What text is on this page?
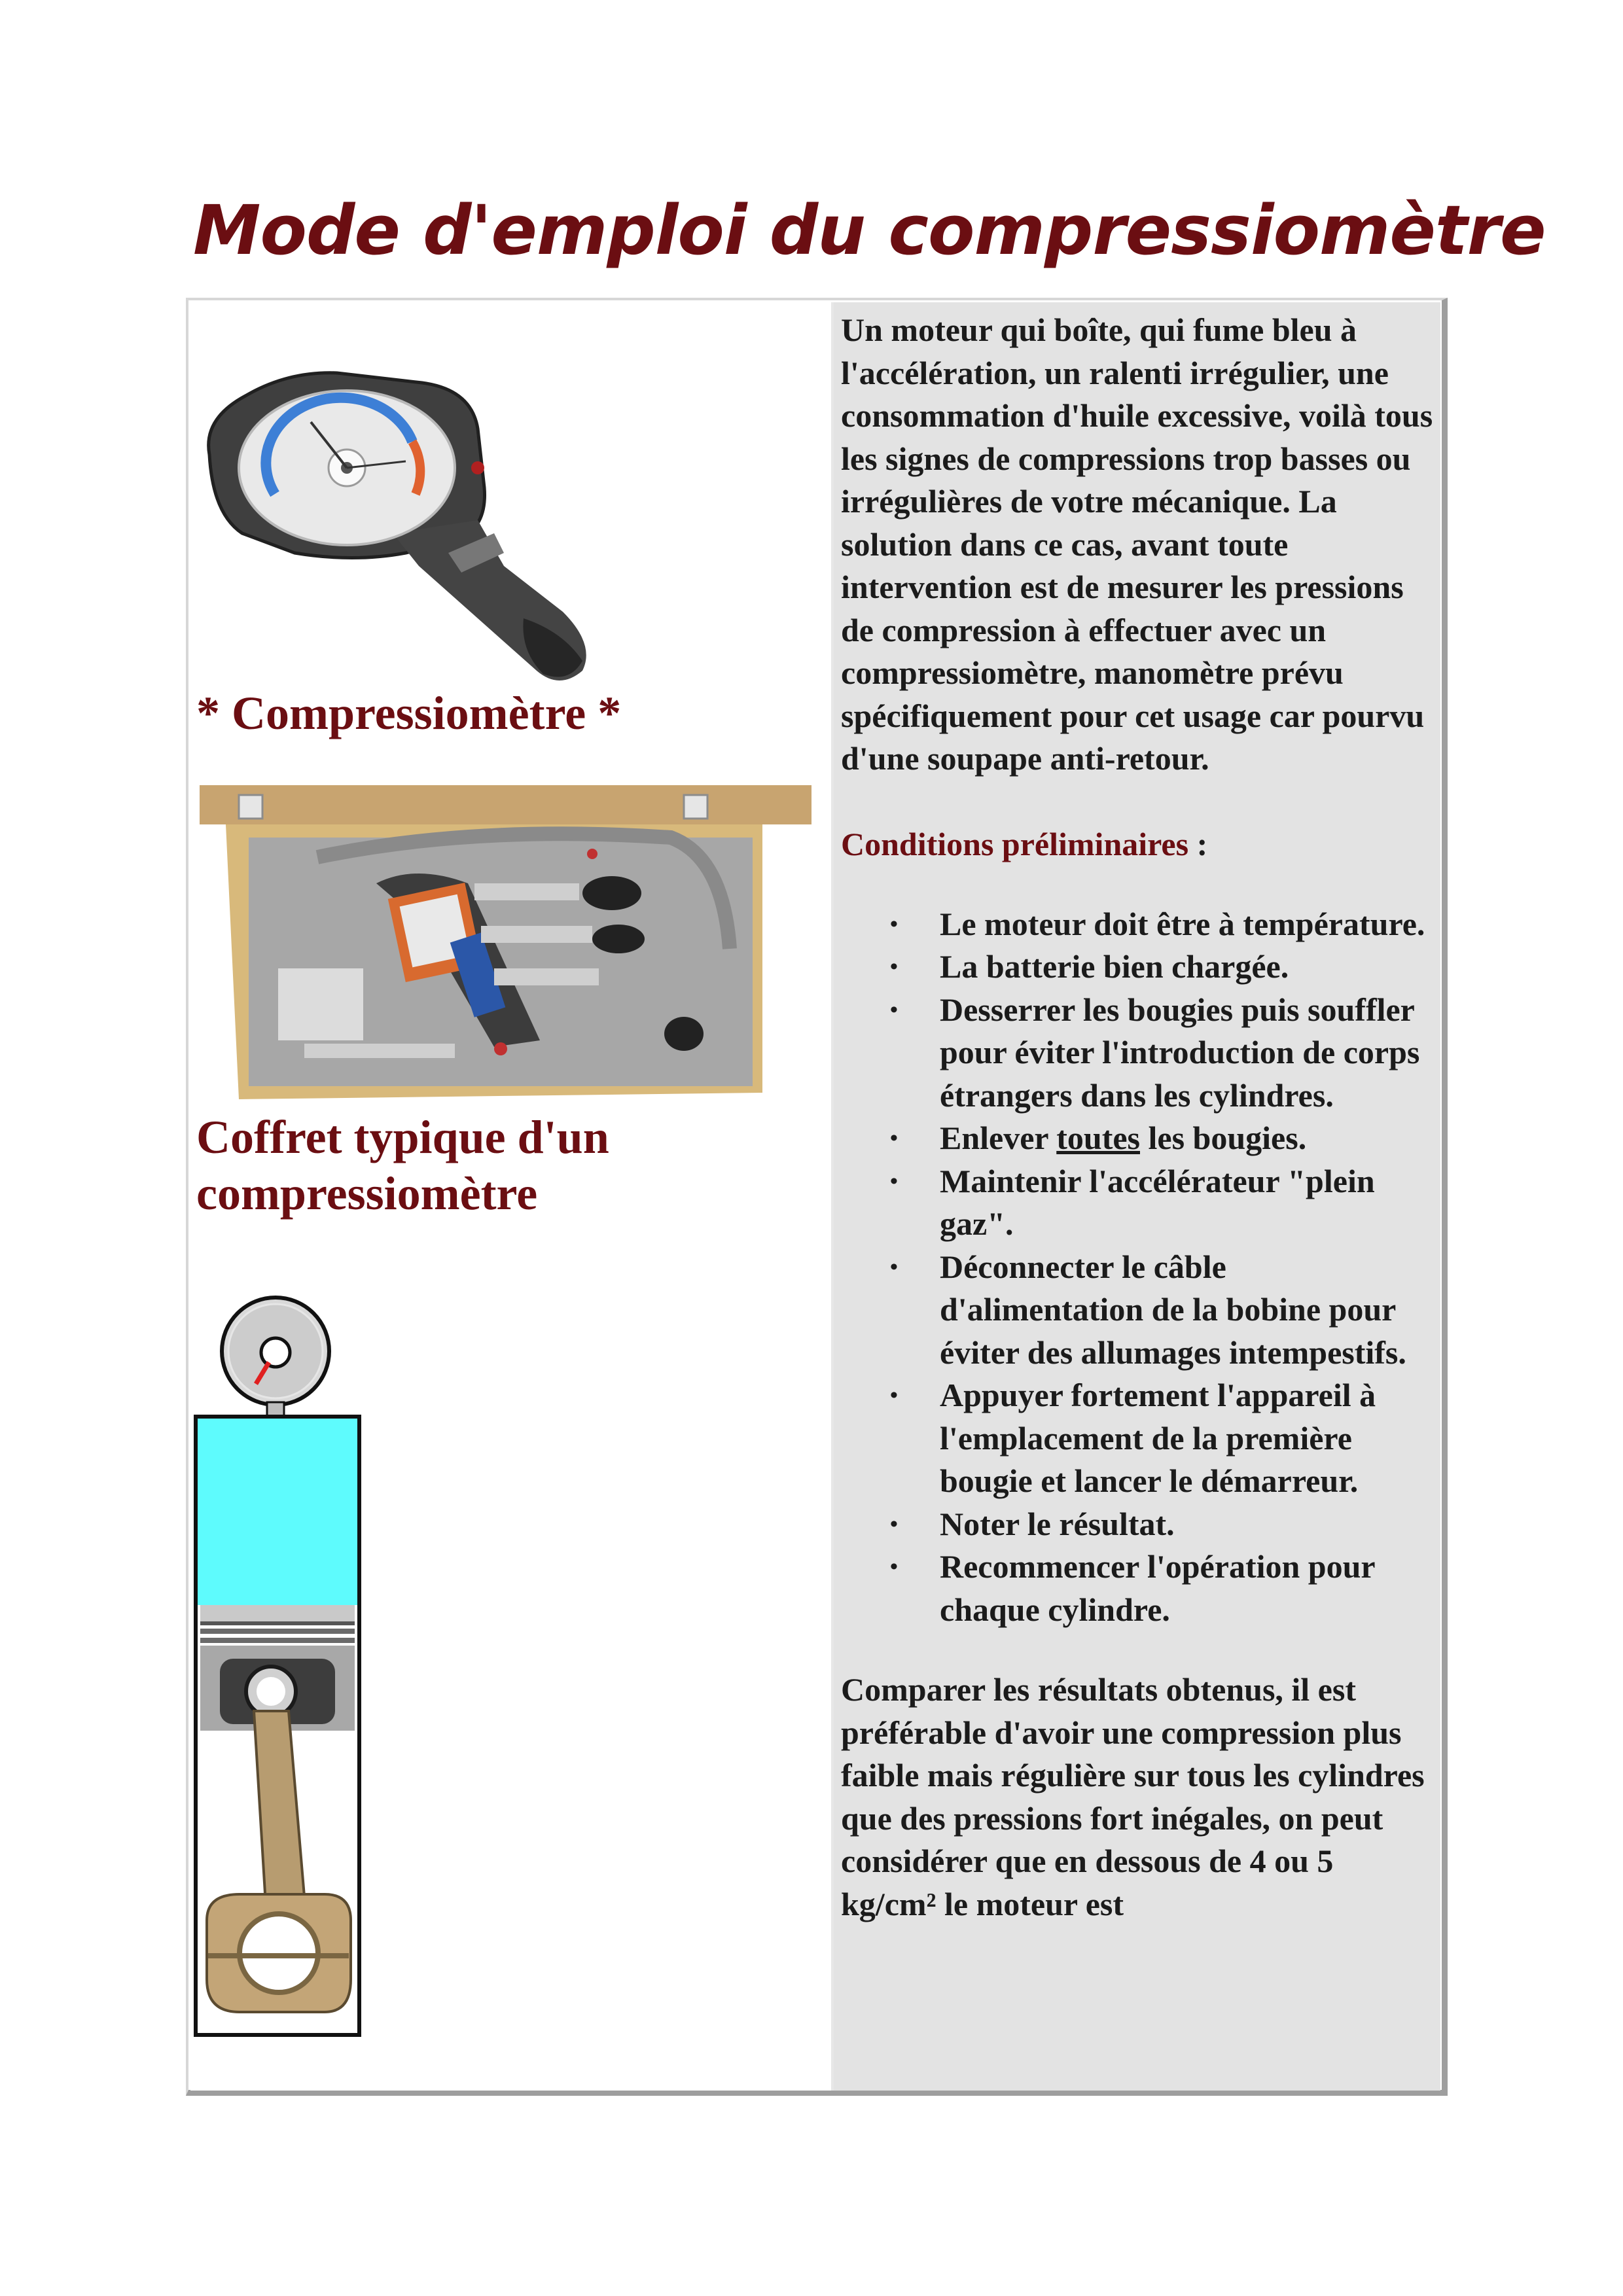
Mode d'emploi du compressiomètre

* Compressiomètre *

Coffret typique d'un compressiomètre

Un moteur qui boîte, qui fume bleu à l'accélération, un ralenti irrégulier, une consommation d'huile excessive, voilà tous les signes de compressions trop basses ou irrégulières de votre mécanique. La solution dans ce cas, avant toute intervention est de mesurer les pressions de compression à effectuer avec un compressiomètre, manomètre prévu spécifiquement pour cet usage car pourvu d'une soupape anti-retour.

Conditions préliminaires :

• Le moteur doit être à température.
• La batterie bien chargée.
• Desserrer les bougies puis souffler pour éviter l'introduction de corps étrangers dans les cylindres.
• Enlever toutes les bougies.
• Maintenir l'accélérateur "plein gaz".
• Déconnecter le câble d'alimentation de la bobine pour éviter des allumages intempestifs.
• Appuyer fortement l'appareil à l'emplacement de la première bougie et lancer le démarreur.
• Noter le résultat.
• Recommencer l'opération pour chaque cylindre.

Comparer les résultats obtenus, il est préférable d'avoir une compression plus faible mais régulière sur tous les cylindres que des pressions fort inégales, on peut considérer que en dessous de 4 ou 5 kg/cm² le moteur est
